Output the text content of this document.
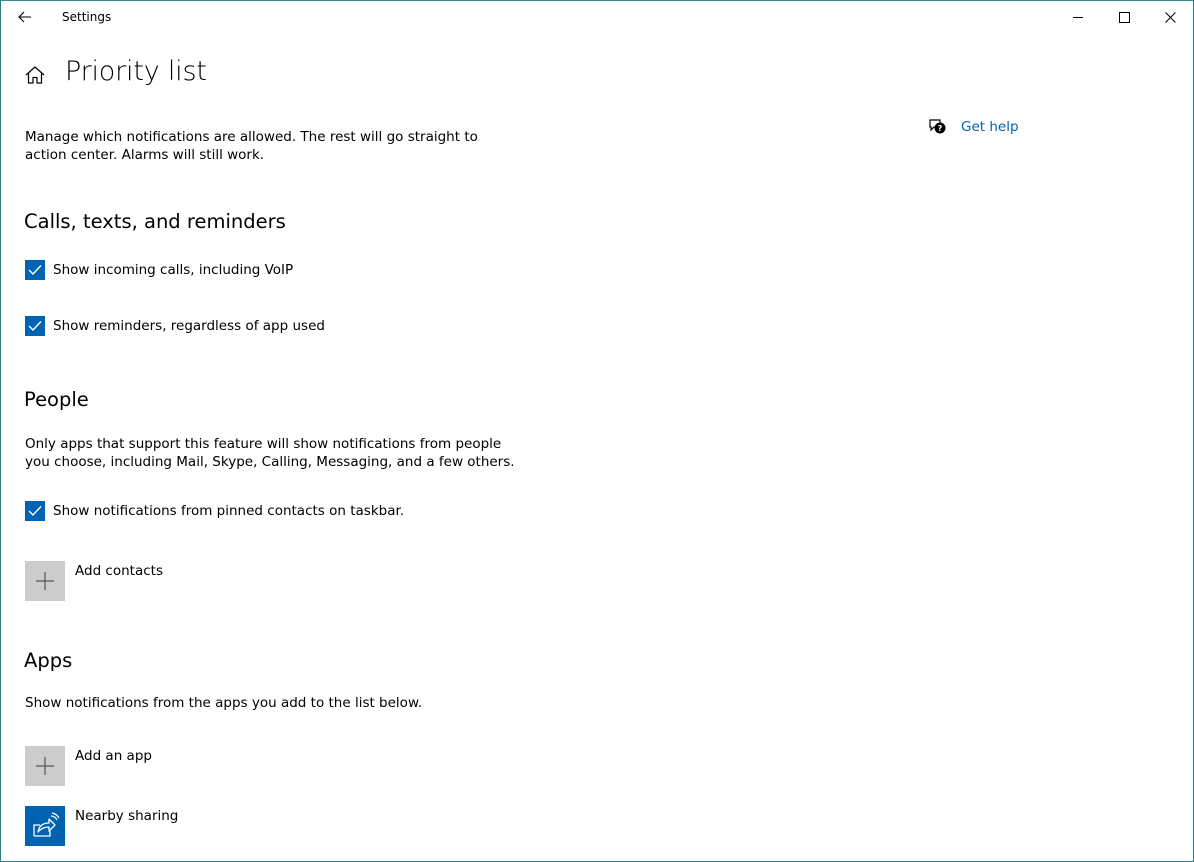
Settings
Priority list
? Get help
Manage which notifications are allowed. The rest will go straight to
action center. Alarms will still work.
Calls, texts, and reminders
Show incoming calls, including VoIP
Show reminders, regardless of app used
People
Only apps that support this feature will show notifications from people
you choose, including Mail, Skype, Calling, Messaging, and a few others.
Show notifications from pinned contacts on taskbar.
Add contacts
Apps
Show notifications from the apps you add to the list below.
Add an app
Nearby sharing
